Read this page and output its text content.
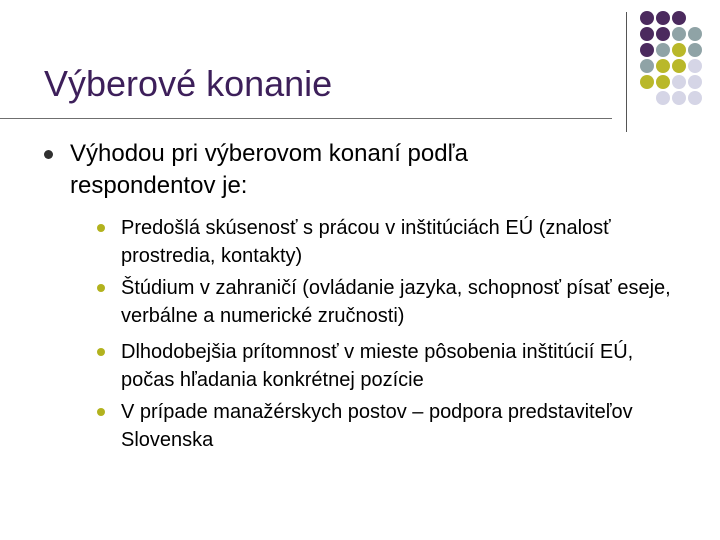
Výberové konanie
Výhodou pri výberovom konaní podľa respondentov je:
Predošlá skúsenosť s prácou v inštitúciách EÚ (znalosť prostredia, kontakty)
Štúdium v zahraničí (ovládanie jazyka, schopnosť písať eseje, verbálne a numerické zručnosti)
Dlhodobejšia prítomnosť v mieste pôsobenia inštitúcií EÚ, počas hľadania konkrétnej pozície
V prípade manažérskych postov – podpora predstaviteľov Slovenska
